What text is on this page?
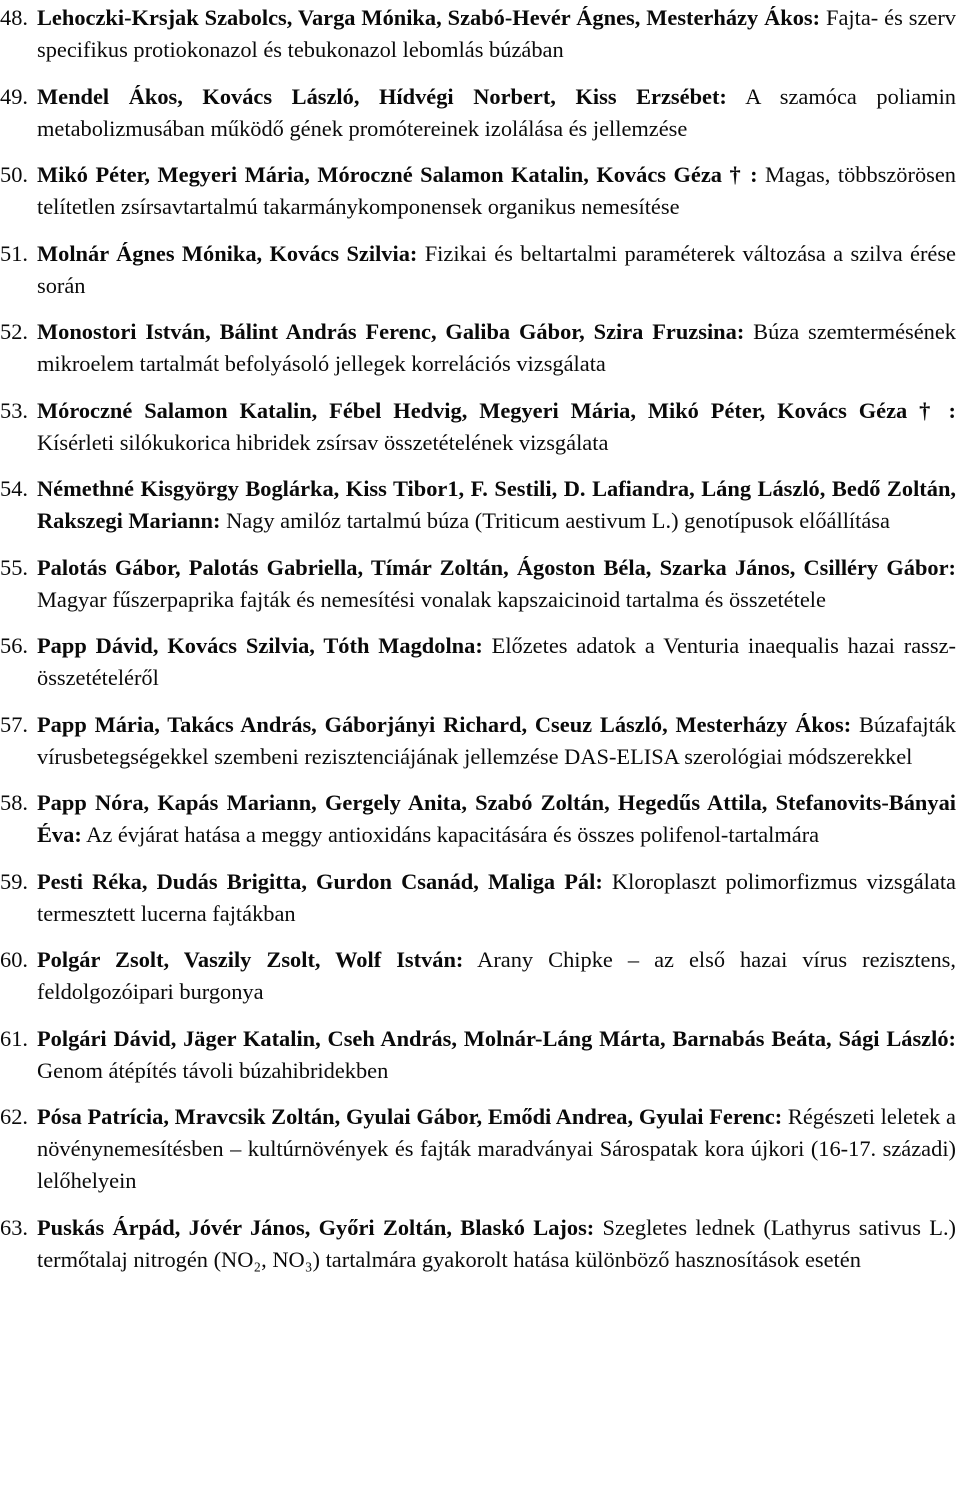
48. Lehoczki-Krsjak Szabolcs, Varga Mónika, Szabó-Hevér Ágnes, Mesterházy Ákos: Fajta- és szerv specifikus protiokonazol és tebukonazol lebomlás búzában
49. Mendel Ákos, Kovács László, Hídvégi Norbert, Kiss Erzsébet: A szamóca poliamin metabolizmusában működő gének promótereinek izolálása és jellemzése
50. Mikó Péter, Megyeri Mária, Móroczné Salamon Katalin, Kovács Géza † : Magas, többszörösen telítetlen zsírsavtartalmú takarmánykomponensek organikus nemesítése
51. Molnár Ágnes Mónika, Kovács Szilvia: Fizikai és beltartalmi paraméterek változása a szilva érése során
52. Monostori István, Bálint András Ferenc, Galiba Gábor, Szira Fruzsina: Búza szemtermésének mikroelem tartalmát befolyásoló jellegek korrelációs vizsgálata
53. Móroczné Salamon Katalin, Fébel Hedvig, Megyeri Mária, Mikó Péter, Kovács Géza † : Kísérleti silókukorica hibridek zsírsav összetételének vizsgálata
54. Némethné Kisgyörgy Boglárka, Kiss Tibor1, F. Sestili, D. Lafiandra, Láng László, Bedő Zoltán, Rakszegi Mariann: Nagy amilóz tartalmú búza (Triticum aestivum L.) genotípusok előállítása
55. Palotás Gábor, Palotás Gabriella, Tímár Zoltán, Ágoston Béla, Szarka János, Csilléry Gábor: Magyar fűszerpaprika fajták és nemesítési vonalak kapszaicinoid tartalma és összetétele
56. Papp Dávid, Kovács Szilvia, Tóth Magdolna: Előzetes adatok a Venturia inaequalis hazai rassz-összetételéről
57. Papp Mária, Takács András, Gáborjányi Richard, Cseuz László, Mesterházy Ákos: Búzafajták vírusbetegségekkel szembeni rezisztenciájának jellemzése DAS-ELISA szerológiai módszerekkel
58. Papp Nóra, Kapás Mariann, Gergely Anita, Szabó Zoltán, Hegedűs Attila, Stefanovits-Bányai Éva: Az évjárat hatása a meggy antioxidáns kapacitására és összes polifenol-tartalmára
59. Pesti Réka, Dudás Brigitta, Gurdon Csanád, Maliga Pál: Kloroplaszt polimorfizmus vizsgálata termesztett lucerna fajtákban
60. Polgár Zsolt, Vaszily Zsolt, Wolf István: Arany Chipke – az első hazai vírus rezisztens, feldolgozóipari burgonya
61. Polgári Dávid, Jäger Katalin, Cseh András, Molnár-Láng Márta, Barnabás Beáta, Sági László: Genom átépítés távoli búzahibridekben
62. Pósa Patrícia, Mravcsik Zoltán, Gyulai Gábor, Emődi Andrea, Gyulai Ferenc: Régészeti leletek a növénynemesítésben – kultúrnövények és fajták maradványai Sárospatak kora újkori (16-17. századi) lelőhelyein
63. Puskás Árpád, Jóvér János, Győri Zoltán, Blaskó Lajos: Szegletes lednek (Lathyrus sativus L.) termőtalaj nitrogén (NO₂, NO₃) tartalmára gyakorolt hatása különböző hasznosítások esetén
